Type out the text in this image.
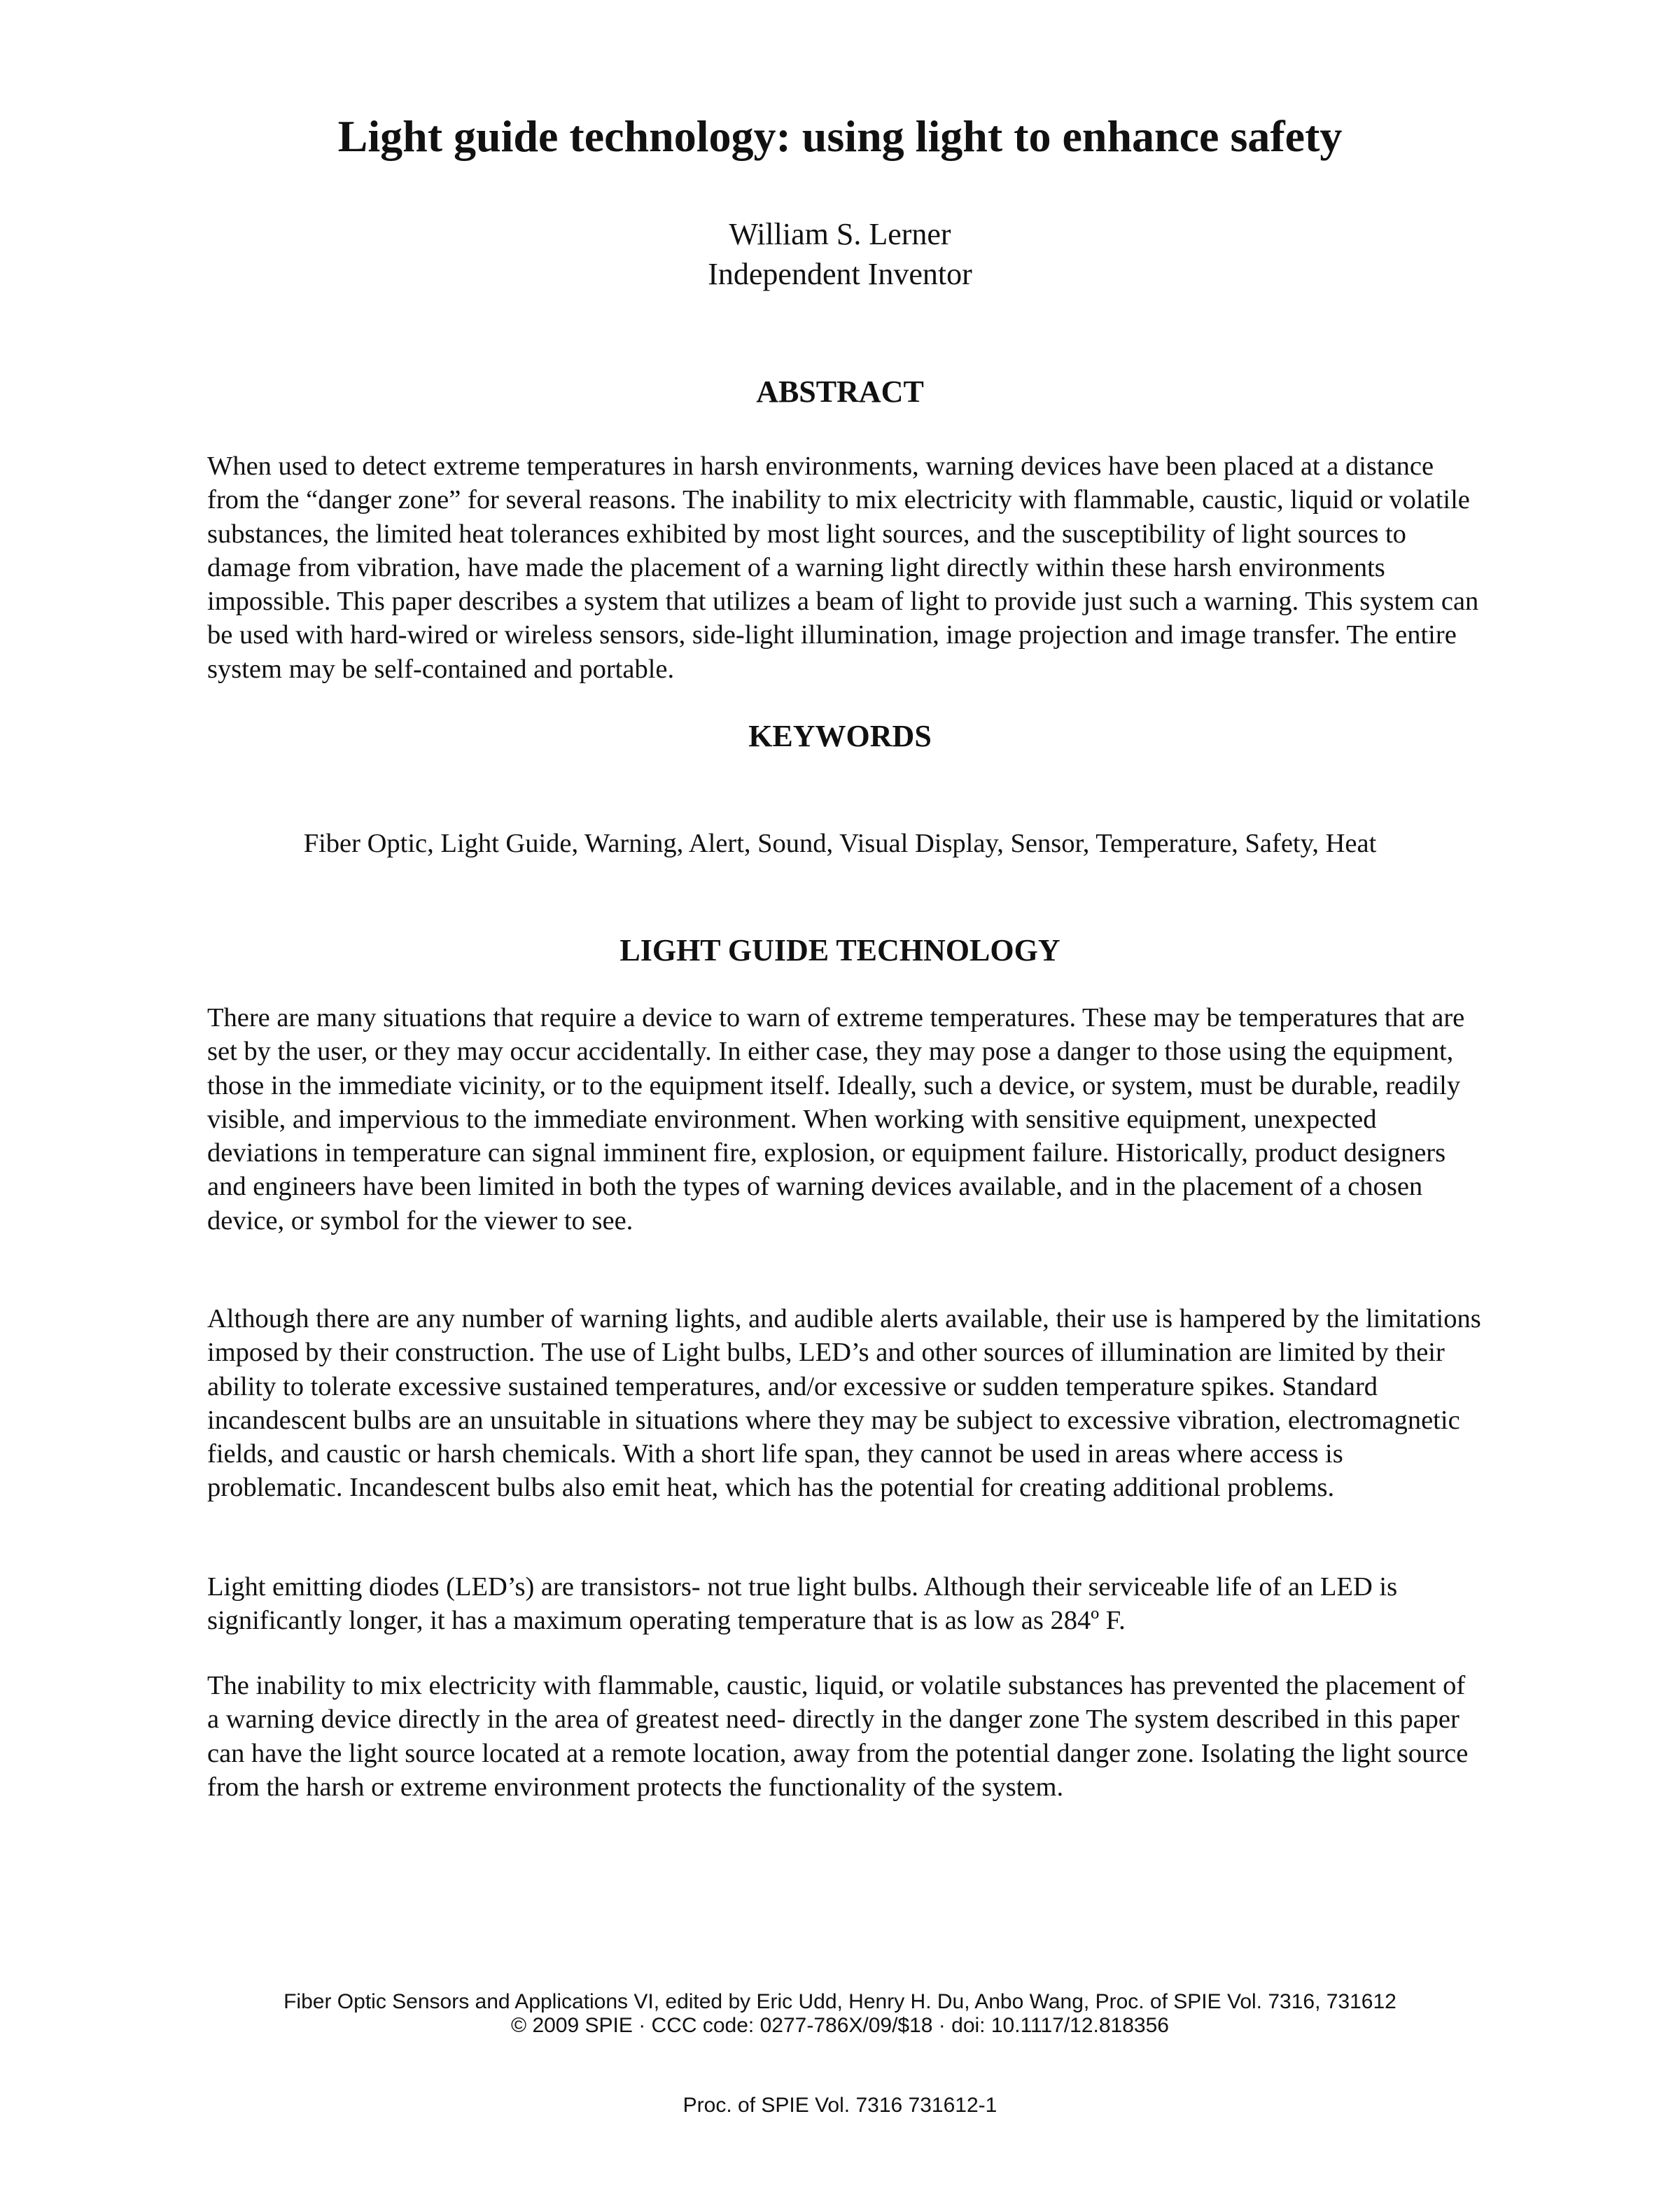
Light guide technology: using light to enhance safety

William S. Lerner

Independent Inventor

ABSTRACT

When used to detect extreme temperatures in harsh environments, warning devices have been placed at a distance from the “danger zone” for several reasons. The inability to mix electricity with flammable, caustic, liquid or volatile substances, the limited heat tolerances exhibited by most light sources, and the susceptibility of light sources to damage from vibration, have made the placement of a warning light directly within these harsh environments impossible. This paper describes a system that utilizes a beam of light to provide just such a warning. This system can be used with hard-wired or wireless sensors, side-light illumination, image projection and image transfer. The entire system may be self-contained and portable.

KEYWORDS

Fiber Optic, Light Guide, Warning, Alert, Sound, Visual Display, Sensor, Temperature, Safety, Heat

LIGHT GUIDE TECHNOLOGY

There are many situations that require a device to warn of extreme temperatures. These may be temperatures that are set by the user, or they may occur accidentally. In either case, they may pose a danger to those using the equipment, those in the immediate vicinity, or to the equipment itself. Ideally, such a device, or system, must be durable, readily visible, and impervious to the immediate environment. When working with sensitive equipment, unexpected deviations in temperature can signal imminent fire, explosion, or equipment failure. Historically, product designers and engineers have been limited in both the types of warning devices available, and in the placement of a chosen device, or symbol for the viewer to see.

Although there are any number of warning lights, and audible alerts available, their use is hampered by the limitations imposed by their construction. The use of Light bulbs, LED’s and other sources of illumination are limited by their ability to tolerate excessive sustained temperatures, and/or excessive or sudden temperature spikes. Standard incandescent bulbs are an unsuitable in situations where they may be subject to excessive vibration, electromagnetic fields, and caustic or harsh chemicals. With a short life span, they cannot be used in areas where access is problematic. Incandescent bulbs also emit heat, which has the potential for creating additional problems.

Light emitting diodes (LED’s) are transistors- not true light bulbs. Although their serviceable life of an LED is significantly longer, it has a maximum operating temperature that is as low as 284º F.

The inability to mix electricity with flammable, caustic, liquid, or volatile substances has prevented the placement of a warning device directly in the area of greatest need- directly in the danger zone The system described in this paper can have the light source located at a remote location, away from the potential danger zone. Isolating the light source from the harsh or extreme environment protects the functionality of the system.

Fiber Optic Sensors and Applications VI, edited by Eric Udd, Henry H. Du, Anbo Wang, Proc. of SPIE Vol. 7316, 731612

© 2009 SPIE · CCC code: 0277-786X/09/$18 · doi: 10.1117/12.818356

Proc. of SPIE Vol. 7316 731612-1
